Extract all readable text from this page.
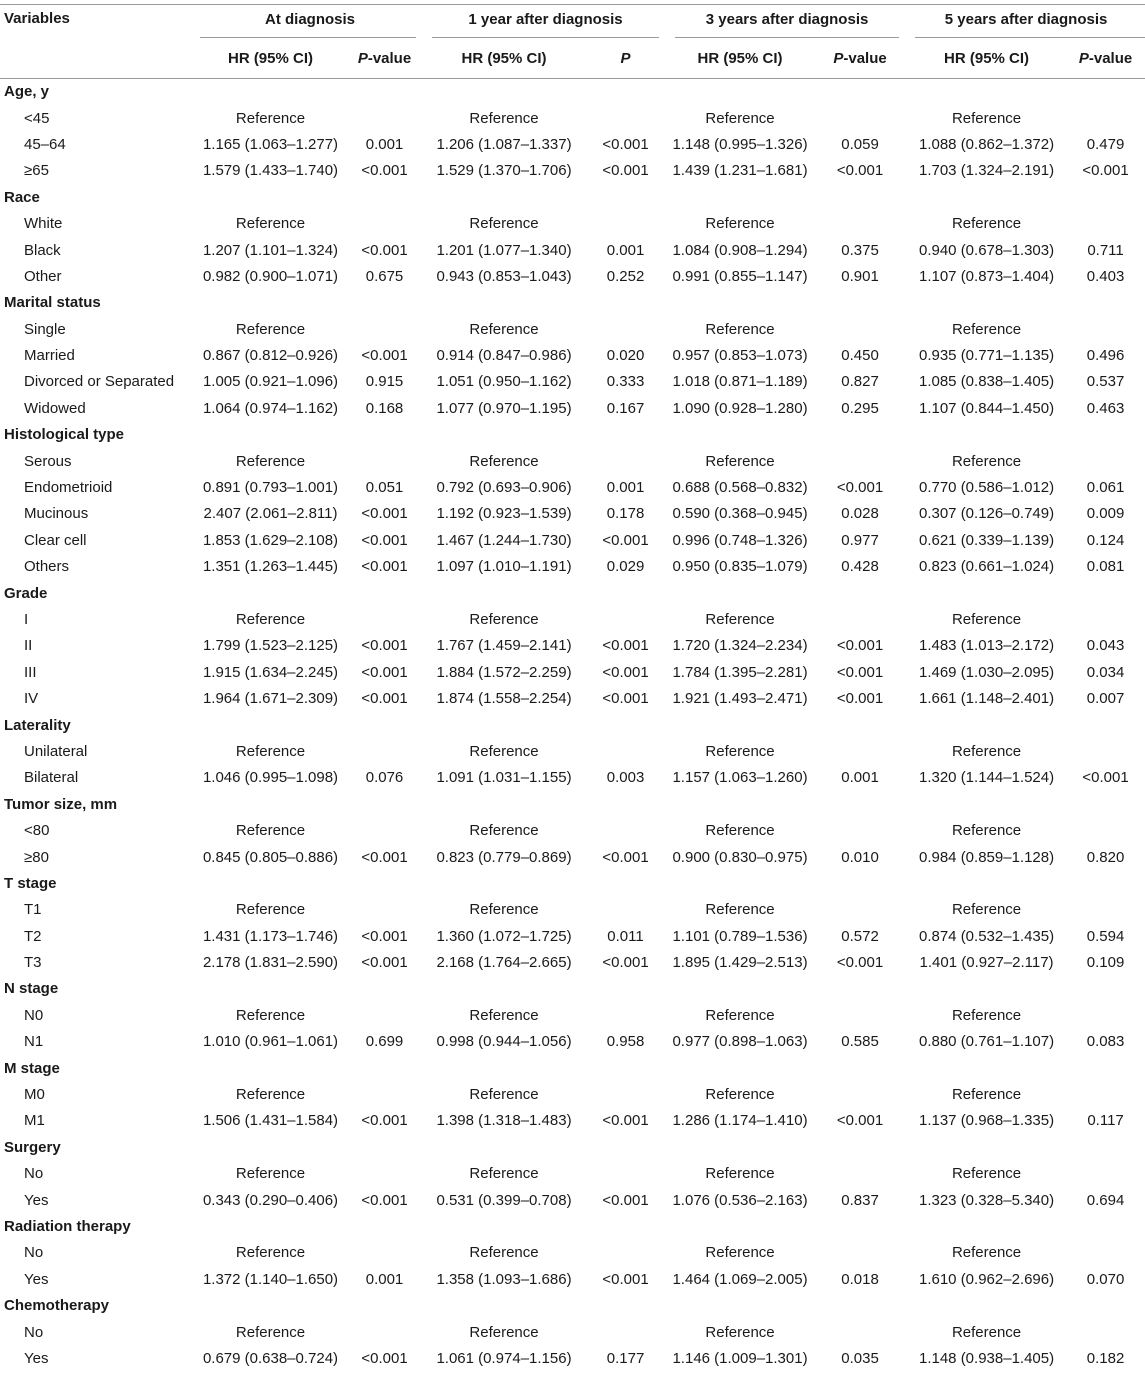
Variables	At diagnosis		1 year after diagnosis		3 years after diagnosis		5 years after diagnosis	

	HR (95% CI)	P-value	HR (95% CI)	P	HR (95% CI)	P-value	HR (95% CI)	P-value
Age, y								
<45	Reference		Reference		Reference		Reference	
45–64	1.165 (1.063–1.277)	0.001	1.206 (1.087–1.337)	<0.001	1.148 (0.995–1.326)	0.059	1.088 (0.862–1.372)	0.479
≥65	1.579 (1.433–1.740)	<0.001	1.529 (1.370–1.706)	<0.001	1.439 (1.231–1.681)	<0.001	1.703 (1.324–2.191)	<0.001
Race								
White	Reference		Reference		Reference		Reference	
Black	1.207 (1.101–1.324)	<0.001	1.201 (1.077–1.340)	0.001	1.084 (0.908–1.294)	0.375	0.940 (0.678–1.303)	0.711
Other	0.982 (0.900–1.071)	0.675	0.943 (0.853–1.043)	0.252	0.991 (0.855–1.147)	0.901	1.107 (0.873–1.404)	0.403
Marital status								
Single	Reference		Reference		Reference		Reference	
Married	0.867 (0.812–0.926)	<0.001	0.914 (0.847–0.986)	0.020	0.957 (0.853–1.073)	0.450	0.935 (0.771–1.135)	0.496
Divorced or Separated	1.005 (0.921–1.096)	0.915	1.051 (0.950–1.162)	0.333	1.018 (0.871–1.189)	0.827	1.085 (0.838–1.405)	0.537
Widowed	1.064 (0.974–1.162)	0.168	1.077 (0.970–1.195)	0.167	1.090 (0.928–1.280)	0.295	1.107 (0.844–1.450)	0.463
Histological type								
Serous	Reference		Reference		Reference		Reference	
Endometrioid	0.891 (0.793–1.001)	0.051	0.792 (0.693–0.906)	0.001	0.688 (0.568–0.832)	<0.001	0.770 (0.586–1.012)	0.061
Mucinous	2.407 (2.061–2.811)	<0.001	1.192 (0.923–1.539)	0.178	0.590 (0.368–0.945)	0.028	0.307 (0.126–0.749)	0.009
Clear cell	1.853 (1.629–2.108)	<0.001	1.467 (1.244–1.730)	<0.001	0.996 (0.748–1.326)	0.977	0.621 (0.339–1.139)	0.124
Others	1.351 (1.263–1.445)	<0.001	1.097 (1.010–1.191)	0.029	0.950 (0.835–1.079)	0.428	0.823 (0.661–1.024)	0.081
Grade								
I	Reference		Reference		Reference		Reference	
II	1.799 (1.523–2.125)	<0.001	1.767 (1.459–2.141)	<0.001	1.720 (1.324–2.234)	<0.001	1.483 (1.013–2.172)	0.043
III	1.915 (1.634–2.245)	<0.001	1.884 (1.572–2.259)	<0.001	1.784 (1.395–2.281)	<0.001	1.469 (1.030–2.095)	0.034
IV	1.964 (1.671–2.309)	<0.001	1.874 (1.558–2.254)	<0.001	1.921 (1.493–2.471)	<0.001	1.661 (1.148–2.401)	0.007
Laterality								
Unilateral	Reference		Reference		Reference		Reference	
Bilateral	1.046 (0.995–1.098)	0.076	1.091 (1.031–1.155)	0.003	1.157 (1.063–1.260)	0.001	1.320 (1.144–1.524)	<0.001
Tumor size, mm								
<80	Reference		Reference		Reference		Reference	
≥80	0.845 (0.805–0.886)	<0.001	0.823 (0.779–0.869)	<0.001	0.900 (0.830–0.975)	0.010	0.984 (0.859–1.128)	0.820
T stage								
T1	Reference		Reference		Reference		Reference	
T2	1.431 (1.173–1.746)	<0.001	1.360 (1.072–1.725)	0.011	1.101 (0.789–1.536)	0.572	0.874 (0.532–1.435)	0.594
T3	2.178 (1.831–2.590)	<0.001	2.168 (1.764–2.665)	<0.001	1.895 (1.429–2.513)	<0.001	1.401 (0.927–2.117)	0.109
N stage								
N0	Reference		Reference		Reference		Reference	
N1	1.010 (0.961–1.061)	0.699	0.998 (0.944–1.056)	0.958	0.977 (0.898–1.063)	0.585	0.880 (0.761–1.107)	0.083
M stage								
M0	Reference		Reference		Reference		Reference	
M1	1.506 (1.431–1.584)	<0.001	1.398 (1.318–1.483)	<0.001	1.286 (1.174–1.410)	<0.001	1.137 (0.968–1.335)	0.117
Surgery								
No	Reference		Reference		Reference		Reference	
Yes	0.343 (0.290–0.406)	<0.001	0.531 (0.399–0.708)	<0.001	1.076 (0.536–2.163)	0.837	1.323 (0.328–5.340)	0.694
Radiation therapy								
No	Reference		Reference		Reference		Reference	
Yes	1.372 (1.140–1.650)	0.001	1.358 (1.093–1.686)	<0.001	1.464 (1.069–2.005)	0.018	1.610 (0.962–2.696)	0.070
Chemotherapy								
No	Reference		Reference		Reference		Reference	
Yes	0.679 (0.638–0.724)	<0.001	1.061 (0.974–1.156)	0.177	1.146 (1.009–1.301)	0.035	1.148 (0.938–1.405)	0.182
